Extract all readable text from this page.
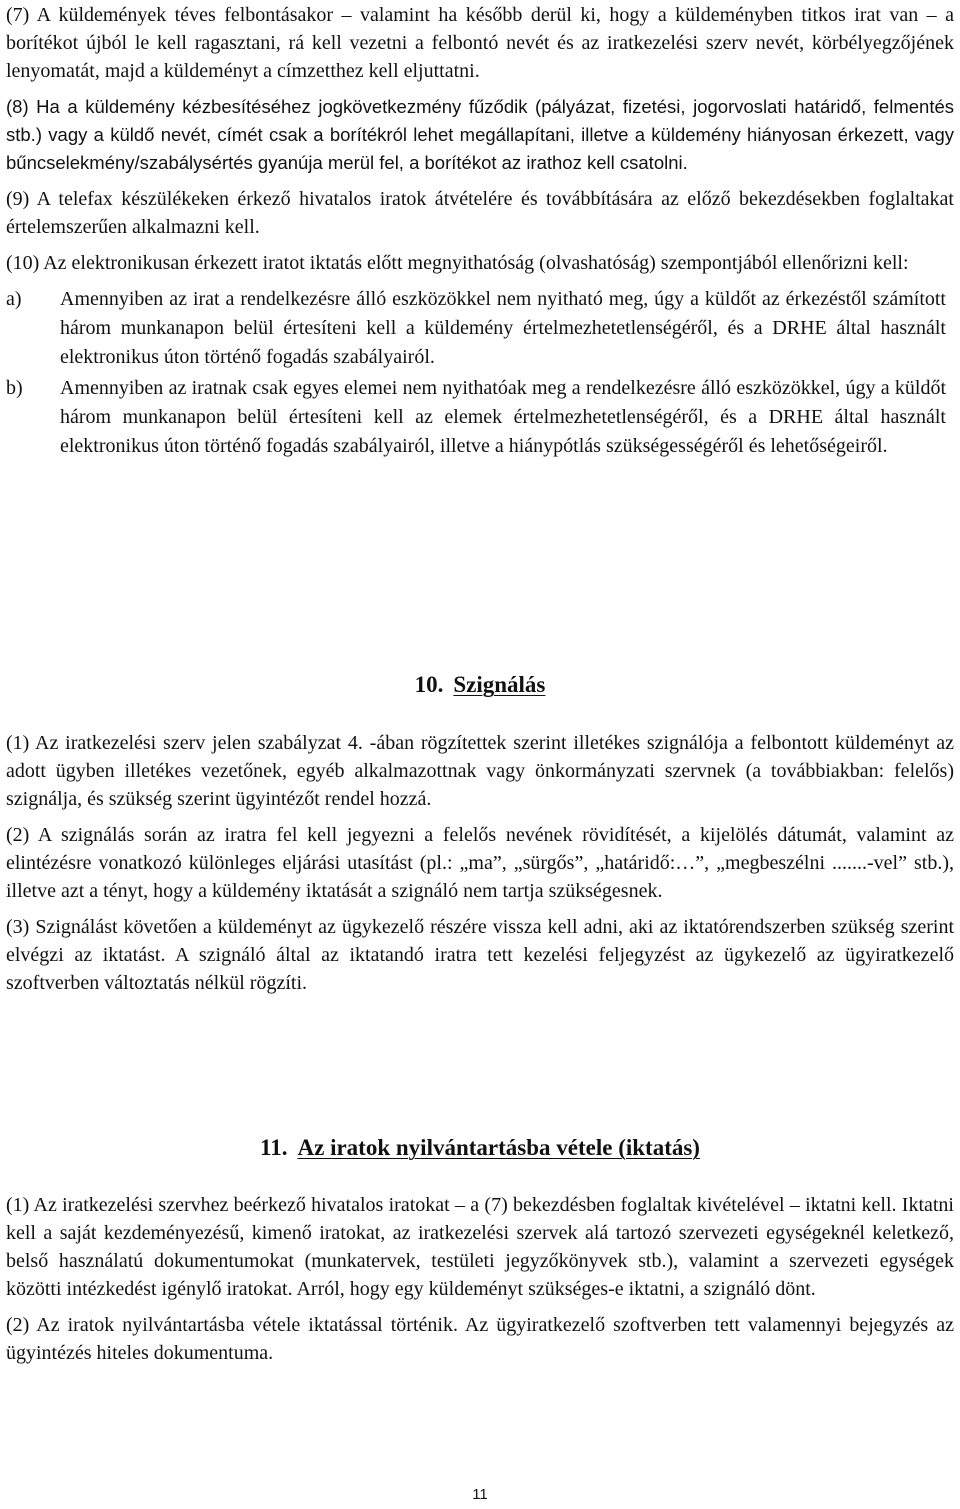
(7) A küldemények téves felbontásakor – valamint ha később derül ki, hogy a küldeményben titkos irat van – a borítékot újból le kell ragasztani, rá kell vezetni a felbontó nevét és az iratkezelési szerv nevét, körbélyegzőjének lenyomatát, majd a küldeményt a címzetthez kell eljuttatni.

(8) Ha a küldemény kézbesítéséhez jogkövetkezmény fűződik (pályázat, fizetési, jogorvoslati határidő, felmentés stb.) vagy a küldő nevét, címét csak a borítékról lehet megállapítani, illetve a küldemény hiányosan érkezett, vagy bűncselekmény/szabálysértés gyanúja merül fel, a borítékot az irathoz kell csatolni.

(9) A telefax készülékeken érkező hivatalos iratok átvételére és továbbítására az előző bekezdésekben foglaltakat értelemszerűen alkalmazni kell.

(10) Az elektronikusan érkezett iratot iktatás előtt megnyithatóság (olvashatóság) szempontjából ellenőrizni kell:

a)	Amennyiben az irat a rendelkezésre álló eszközökkel nem nyitható meg, úgy a küldőt az érkezéstől számított három munkanapon belül értesíteni kell a küldemény értelmezhetetlenségéről, és a DRHE által használt elektronikus úton történő fogadás szabályairól.
b)	Amennyiben az iratnak csak egyes elemei nem nyithatóak meg a rendelkezésre álló eszközökkel, úgy a küldőt három munkanapon belül értesíteni kell az elemek értelmezhetetlenségéről, és a DRHE által használt elektronikus úton történő fogadás szabályairól, illetve a hiánypótlás szükségességéről és lehetőségeiről.
10. Szignálás

(1) Az iratkezelési szerv jelen szabályzat 4. -ában rögzítettek szerint illetékes szignálója a felbontott küldeményt az adott ügyben illetékes vezetőnek, egyéb alkalmazottnak vagy önkormányzati szervnek (a továbbiakban: felelős) szignálja, és szükség szerint ügyintézőt rendel hozzá.

(2) A szignálás során az iratra fel kell jegyezni a felelős nevének rövidítését, a kijelölés dátumát, valamint az elintézésre vonatkozó különleges eljárási utasítást (pl.: „ma”, „sürgős”, „határidő:…”, „megbeszélni .......-vel” stb.), illetve azt a tényt, hogy a küldemény iktatását a szignáló nem tartja szükségesnek.

(3) Szignálást követően a küldeményt az ügykezelő részére vissza kell adni, aki az iktatórendszerben szükség szerint elvégzi az iktatást. A szignáló által az iktatandó iratra tett kezelési feljegyzést az ügykezelő az ügyiratkezelő szoftverben változtatás nélkül rögzíti.

11. Az iratok nyilvántartásba vétele (iktatás)

(1) Az iratkezelési szervhez beérkező hivatalos iratokat – a (7) bekezdésben foglaltak kivételével – iktatni kell. Iktatni kell a saját kezdeményezésű, kimenő iratokat, az iratkezelési szervek alá tartozó szervezeti egységeknél keletkező, belső használatú dokumentumokat (munkatervek, testületi jegyzőkönyvek stb.), valamint a szervezeti egységek közötti intézkedést igénylő iratokat. Arról, hogy egy küldeményt szükséges-e iktatni, a szignáló dönt.

(2) Az iratok nyilvántartásba vétele iktatással történik. Az ügyiratkezelő szoftverben tett valamennyi bejegyzés az ügyintézés hiteles dokumentuma.

11
